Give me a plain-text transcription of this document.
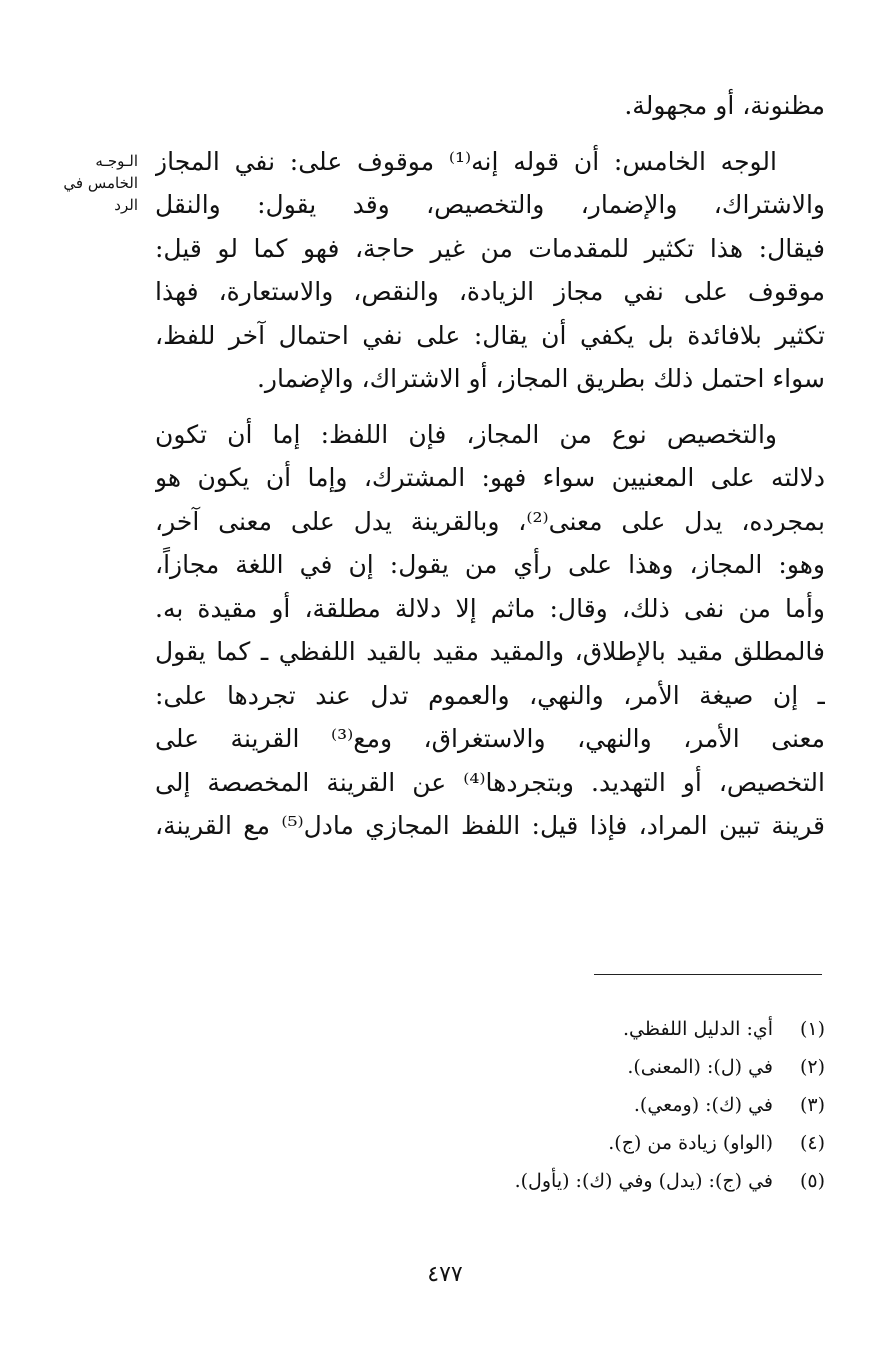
الـوجـه
الخامس في
الرد
مظنونة، أو مجهولة.
الوجه الخامس: أن قوله إنه⁽¹⁾ موقوف على: نفي المجاز
والاشتراك، والإضمار، والتخصيص، وقد يقول: والنقل
فيقال: هذا تكثير للمقدمات من غير حاجة، فهو كما لو قيل:
موقوف على نفي مجاز الزيادة، والنقص، والاستعارة، فهذا
تكثير بلافائدة بل يكفي أن يقال: على نفي احتمال آخر للفظ،
سواء احتمل ذلك بطريق المجاز، أو الاشتراك، والإضمار.
والتخصيص نوع من المجاز، فإن اللفظ: إما أن تكون
دلالته على المعنيين سواء فهو: المشترك، وإما أن يكون هو
بمجرده، يدل على معنى⁽²⁾، وبالقرينة يدل على معنى آخر،
وهو: المجاز، وهذا على رأي من يقول: إن في اللغة مجازاً،
وأما من نفى ذلك، وقال: ماثم إلا دلالة مطلقة، أو مقيدة به.
فالمطلق مقيد بالإطلاق، والمقيد مقيد بالقيد اللفظي ـ كما يقول
ـ إن صيغة الأمر، والنهي، والعموم تدل عند تجردها على:
معنى الأمر، والنهي، والاستغراق، ومع⁽³⁾ القرينة على
التخصيص، أو التهديد. وبتجردها⁽⁴⁾ عن القرينة المخصصة إلى
قرينة تبين المراد، فإذا قيل: اللفظ المجازي مادل⁽⁵⁾ مع القرينة،
(١)
أي: الدليل اللفظي.
(٢)
في (ل): (المعنى).
(٣)
في (ك): (ومعي).
(٤)
(الواو) زيادة من (ج).
(٥)
في (ج): (يدل) وفي (ك): (يأول).
٤٧٧
